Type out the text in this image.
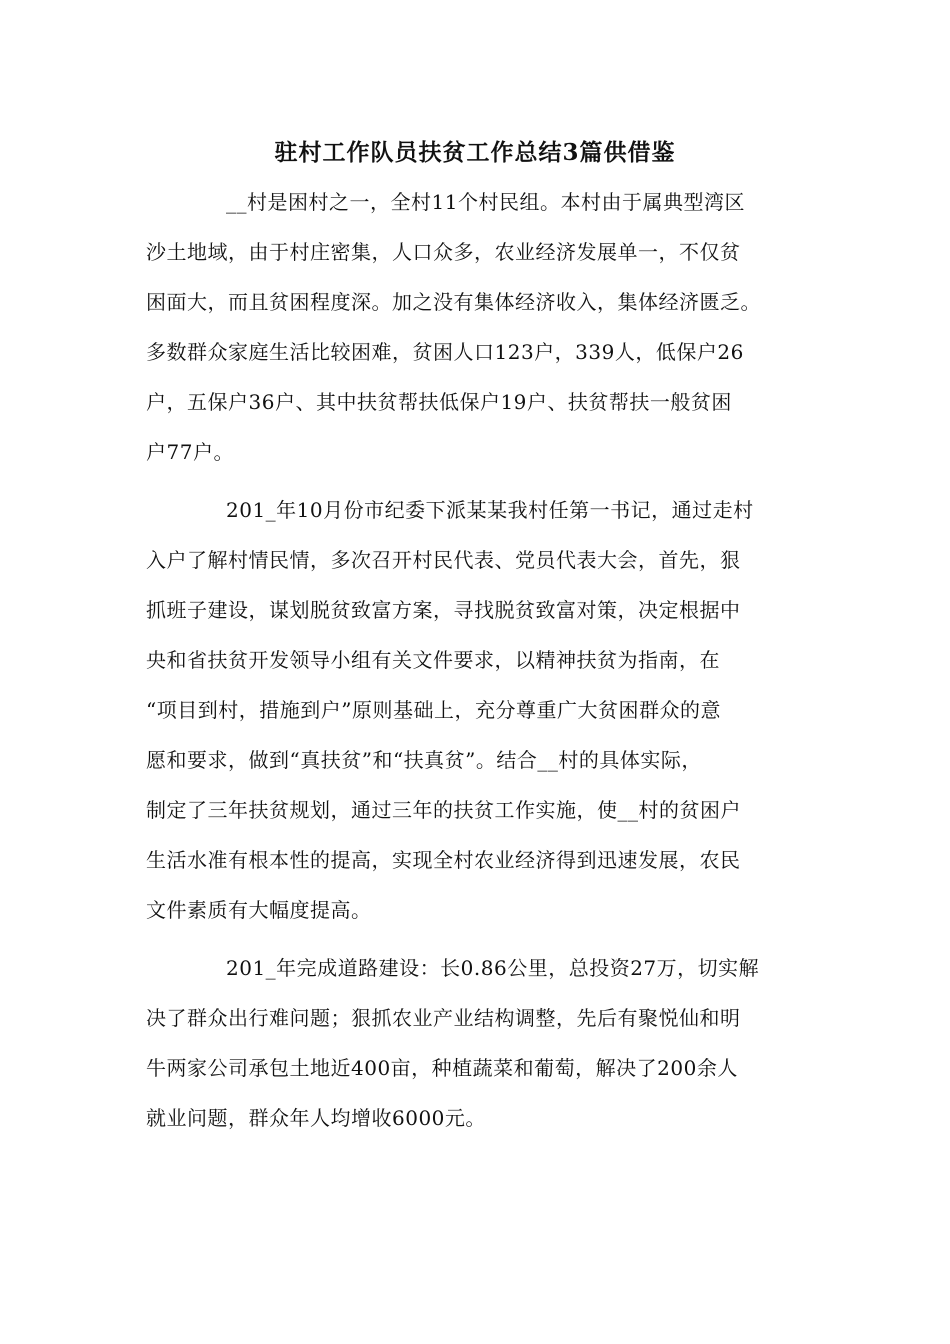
驻村工作队员扶贫工作总结3篇供借鉴
__村是困村之一，全村11个村民组。本村由于属典型湾区
沙土地域，由于村庄密集，人口众多，农业经济发展单一，不仅贫
困面大，而且贫困程度深。加之没有集体经济收入，集体经济匮乏。
多数群众家庭生活比较困难，贫困人口123户，339人，低保户26
户，五保户36户、其中扶贫帮扶低保户19户、扶贫帮扶一般贫困
户77户。
201_年10月份市纪委下派某某我村任第一书记，通过走村
入户了解村情民情，多次召开村民代表、党员代表大会，首先，狠
抓班子建设，谋划脱贫致富方案，寻找脱贫致富对策，决定根据中
央和省扶贫开发领导小组有关文件要求，以精神扶贫为指南，在
“项目到村，措施到户”原则基础上，充分尊重广大贫困群众的意
愿和要求，做到“真扶贫”和“扶真贫”。结合__村的具体实际，
制定了三年扶贫规划，通过三年的扶贫工作实施，使__村的贫困户
生活水准有根本性的提高，实现全村农业经济得到迅速发展，农民
文件素质有大幅度提高。
201_年完成道路建设：长0.86公里，总投资27万，切实解
决了群众出行难问题；狠抓农业产业结构调整，先后有聚悦仙和明
牛两家公司承包土地近400亩，种植蔬菜和葡萄，解决了200余人
就业问题，群众年人均增收6000元。
